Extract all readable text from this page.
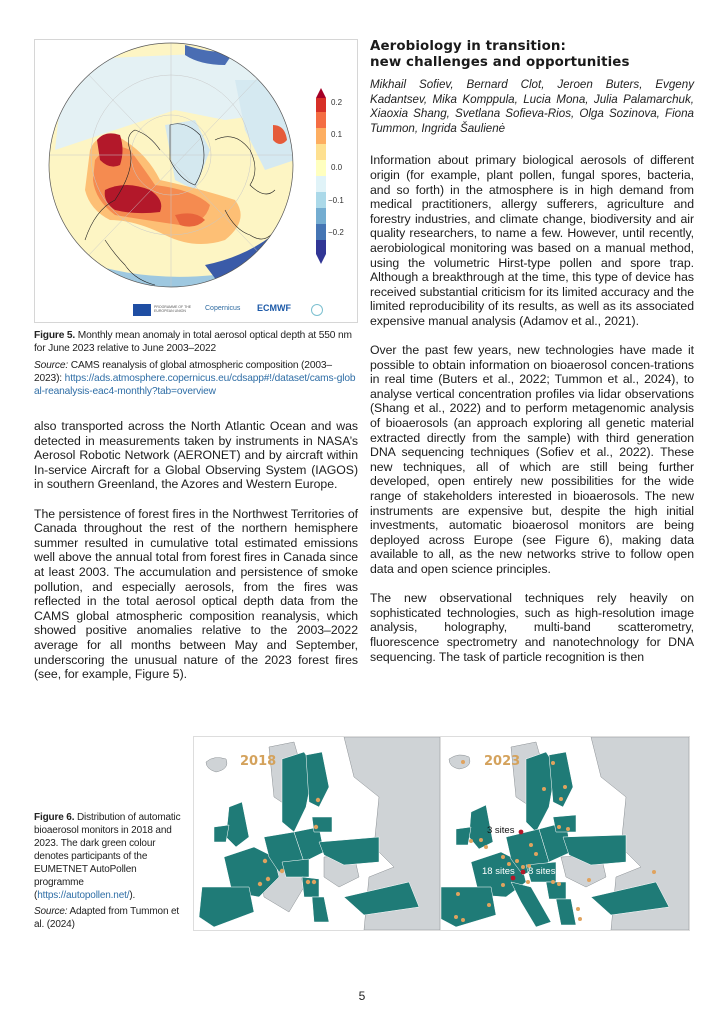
0.2
0.1
0.0
−0.1
−0.2
PROGRAMME OF THE EUROPEAN UNION	Copernicus ECMWF
Figure 5. Monthly mean anomaly in total aerosol optical depth at 550 nm for June 2023 relative to June 2003–2022
Source: CAMS reanalysis of global atmospheric composition (2003–2023): https://ads.atmosphere.copernicus.eu/cdsapp#!/dataset/cams-global-reanalysis-eac4-monthly?tab=overview

also transported across the North Atlantic Ocean and was detected in measurements taken by instruments in NASA’s Aerosol Robotic Network (AERONET) and by aircraft within In-service Aircraft for a Global Observing System (IAGOS) in southern Greenland, the Azores and Western Europe.

The persistence of forest fires in the Northwest Territories of Canada throughout the rest of the northern hemisphere summer resulted in cumulative total estimated emissions well above the annual total from forest fires in Canada since at least 2003. The accumulation and persistence of smoke pollution, and especially aerosols, from the fires was reflected in the total aerosol optical depth data from the CAMS global atmospheric composition reanalysis, which showed positive anomalies relative to the 2003–2022 average for all months between May and September, underscoring the unusual nature of the 2023 forest fires (see, for example, Figure 5).

Aerobiology in transition:
new challenges and opportunities
Mikhail Sofiev, Bernard Clot, Jeroen Buters, Evgeny Kadantsev, Mika Komppula, Lucia Mona, Julia Palamarchuk, Xiaoxia Shang, Svetlana Sofieva-Rios, Olga Sozinova, Fiona Tummon, Ingrida Šaulienė

Information about primary biological aerosols of different origin (for example, plant pollen, fungal spores, bacteria, and so forth) in the atmosphere is in high demand from medical practitioners, allergy sufferers, agriculture and forestry industries, and climate change, biodiversity and air quality researchers, to name a few. However, until recently, aerobiological monitoring was based on a manual method, using the volumetric Hirst-type pollen and spore trap. Although a breakthrough at the time, this type of device has received substantial criticism for its limited accuracy and the limited reproducibility of its results, as well as its associated expensive manual analysis (Adamov et al., 2021).

Over the past few years, new technologies have made it possible to obtain information on bioaerosol concen-trations in real time (Buters et al., 2022; Tummon et al., 2024), to analyse vertical concentration profiles via lidar observations (Shang et al., 2022) and to perform metagenomic analysis of bioaerosols (an approach exploring all genetic material extracted directly from the sample) with third generation DNA sequencing techniques (Sofiev et al., 2022). These new techniques, all of which are still being further developed, open entirely new possibilities for the wide range of stakeholders interested in bioaerosols. The new instruments are expensive but, despite the high initial investments, automatic bioaerosol monitors are being deployed across Europe (see Figure 6), making data available to all, as the new networks strive to follow open data and open science principles.

The new observational techniques rely heavily on sophisticated technologies, such as high-resolution image analysis, holography, multi-band scatterometry, fluorescence spectrometry and nanotechnology for DNA sequencing. The task of particle recognition is then

Figure 6. Distribution of automatic bioaerosol monitors in 2018 and 2023. The dark green colour denotes participants of the EUMETNET AutoPollen programme (https://autopollen.net/).
Source: Adapted from Tummon et al. (2024)
2018	2023
3 sites
18 sites 8 sites
5
